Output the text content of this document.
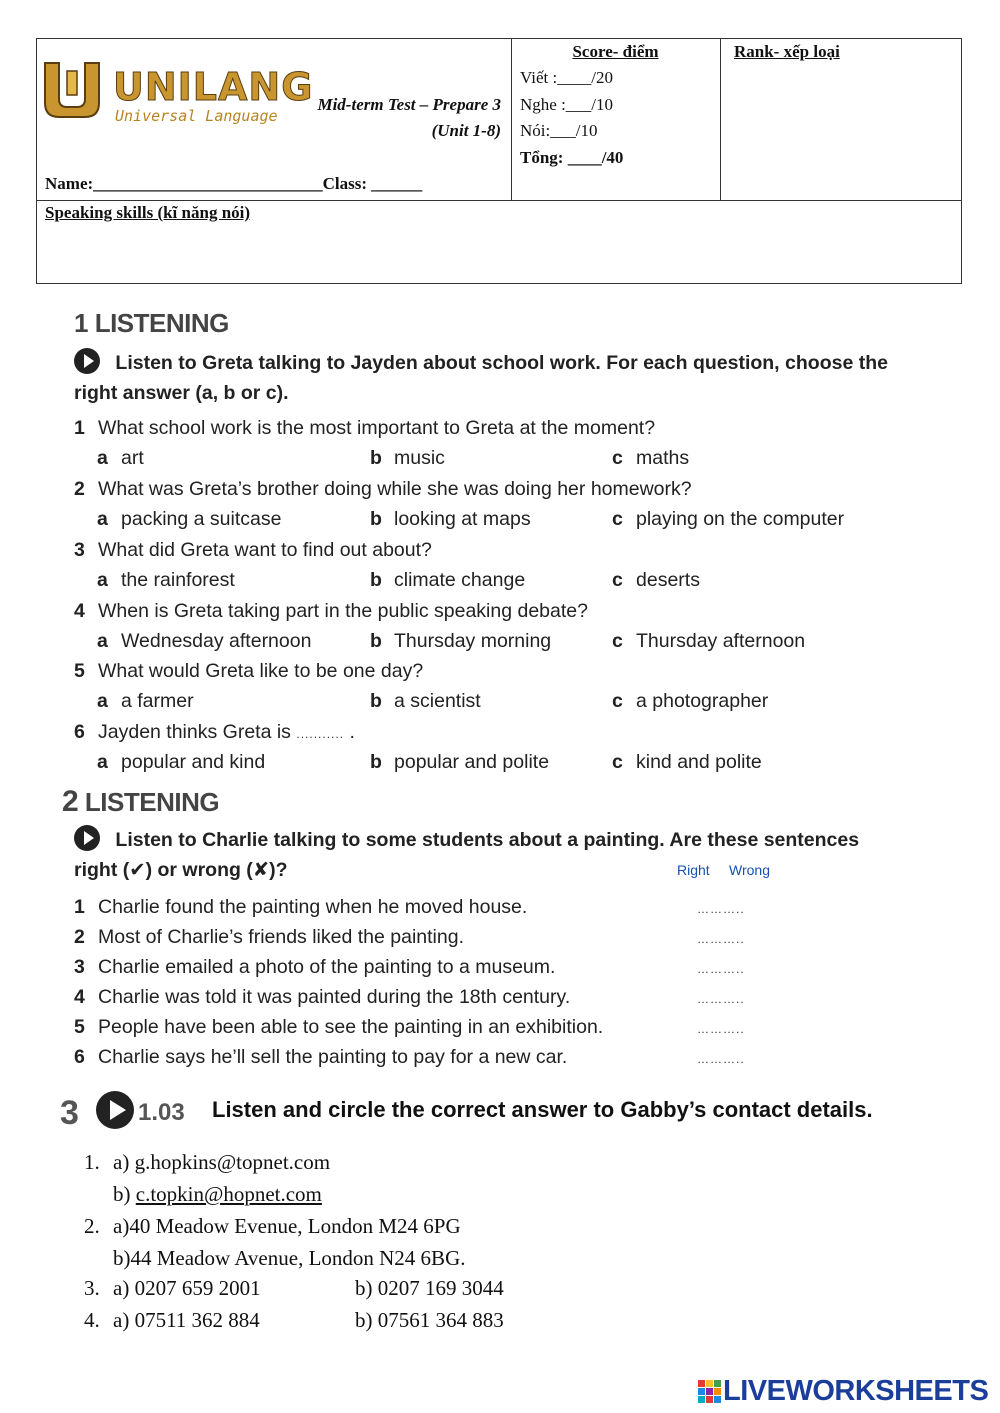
UNILANG
Universal Language
Mid-term Test – Prepare 3
(Unit 1-8)
Name:___________________________Class: ______
Score- điểm
Viết :____/20
Nghe :___/10
Nói:___/10
Tổng: ____/40
Rank- xếp loại
Speaking skills (kĩ năng nói)
1 LISTENING
Listen to Greta talking to Jayden about school work. For each question, choose the
right answer (a, b or c).
1 What school work is the most important to Greta at the moment?
a art	b music	c maths
2 What was Greta’s brother doing while she was doing her homework?
a packing a suitcase	b looking at maps	c playing on the computer
3 What did Greta want to find out about?
a the rainforest	b climate change	c deserts
4 When is Greta taking part in the public speaking debate?
a Wednesday afternoon	b Thursday morning	c Thursday afternoon
5 What would Greta like to be one day?
a a farmer	b a scientist	c a photographer
6 Jayden thinks Greta is ........... .
a popular and kind	b popular and polite	c kind and polite
2 LISTENING
Listen to Charlie talking to some students about a painting. Are these sentences
right (✔) or wrong (✘)?	Right Wrong
1 Charlie found the painting when he moved house.	………..
2 Most of Charlie’s friends liked the painting.	………..
3 Charlie emailed a photo of the painting to a museum.	………..
4 Charlie was told it was painted during the 18th century.	………..
5 People have been able to see the painting in an exhibition.	………..
6 Charlie says he’ll sell the painting to pay for a new car.	………..
3 1.03 Listen and circle the correct answer to Gabby’s contact details.
1. a) g.hopkins@topnet.com
b) c.topkin@hopnet.com
2. a)40 Meadow Evenue, London M24 6PG
b)44 Meadow Avenue, London N24 6BG.
3. a) 0207 659 2001	b) 0207 169 3044
4. a) 07511 362 884	b) 07561 364 883
LIVEWORKSHEETS
